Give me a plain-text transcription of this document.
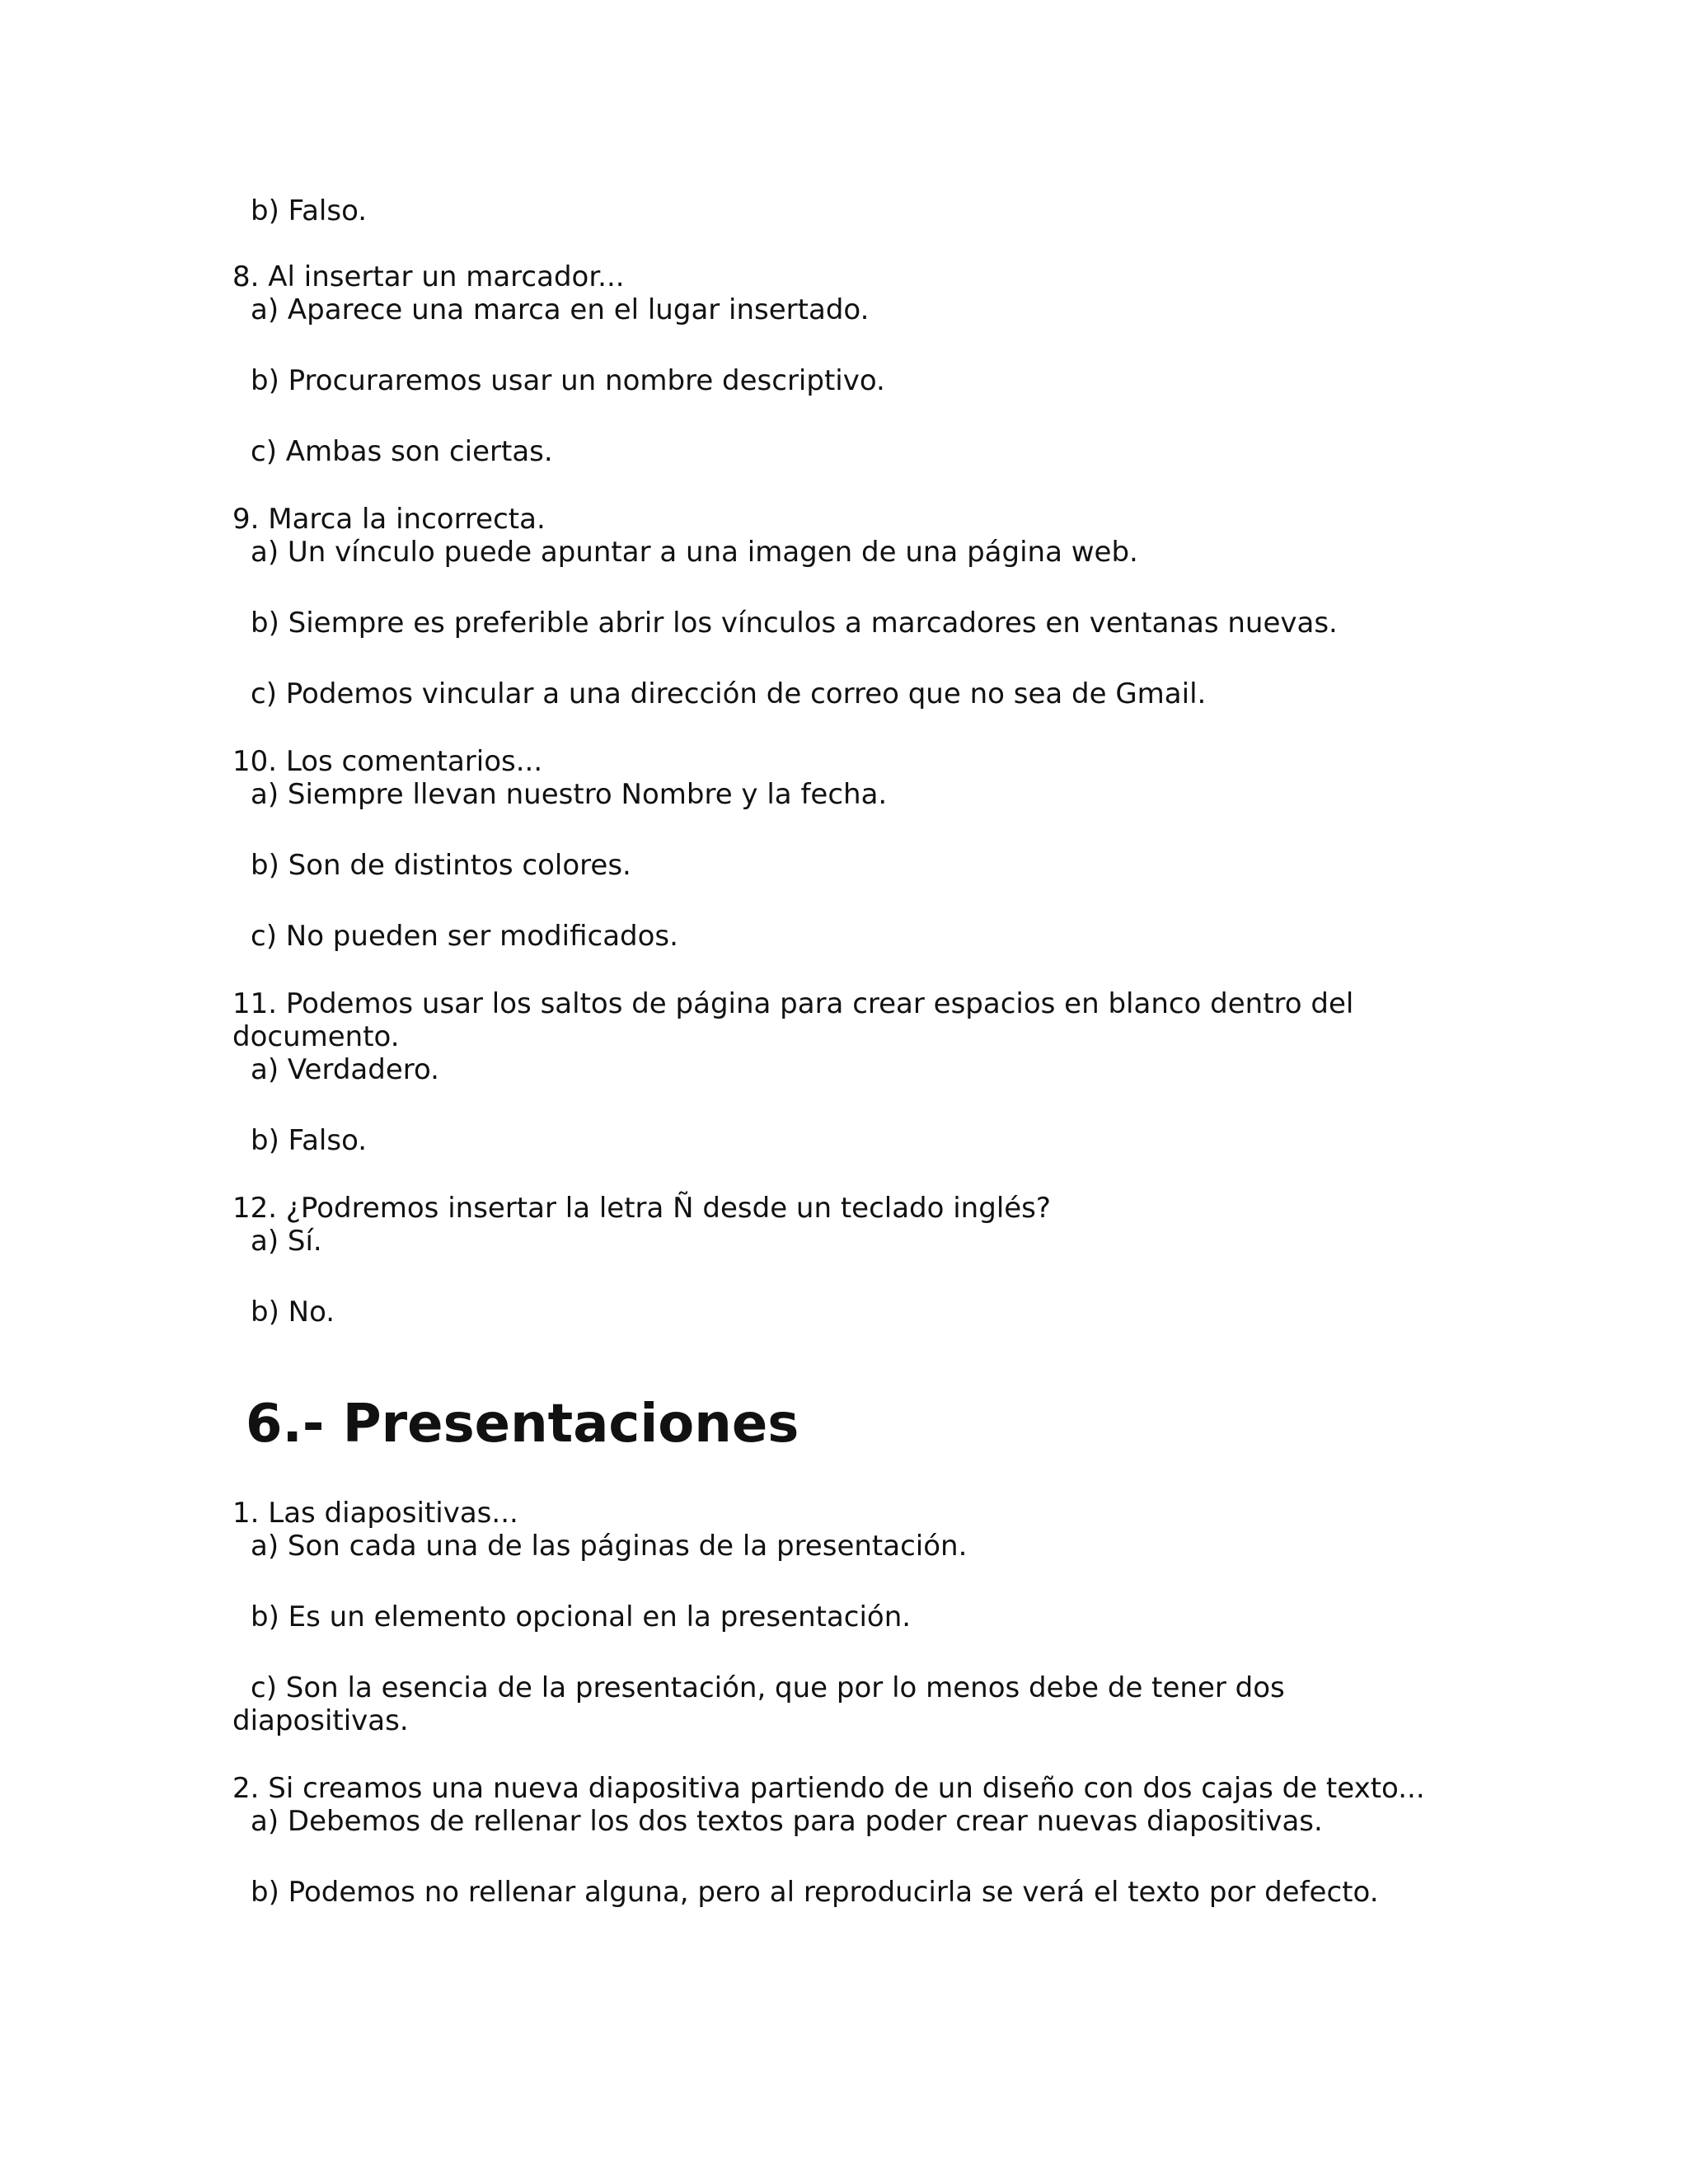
b) Falso.
8. Al insertar un marcador...
a) Aparece una marca en el lugar insertado.
b) Procuraremos usar un nombre descriptivo.
c) Ambas son ciertas.
9. Marca la incorrecta.
a) Un vínculo puede apuntar a una imagen de una página web.
b) Siempre es preferible abrir los vínculos a marcadores en ventanas nuevas.
c) Podemos vincular a una dirección de correo que no sea de Gmail.
10. Los comentarios...
a) Siempre llevan nuestro Nombre y la fecha.
b) Son de distintos colores.
c) No pueden ser modificados.
11. Podemos usar los saltos de página para crear espacios en blanco dentro del
documento.
a) Verdadero.
b) Falso.
12. ¿Podremos insertar la letra Ñ desde un teclado inglés?
a) Sí.
b) No.
6.- Presentaciones
1. Las diapositivas...
a) Son cada una de las páginas de la presentación.
b) Es un elemento opcional en la presentación.
c) Son la esencia de la presentación, que por lo menos debe de tener dos
diapositivas.
2. Si creamos una nueva diapositiva partiendo de un diseño con dos cajas de texto...
a) Debemos de rellenar los dos textos para poder crear nuevas diapositivas.
b) Podemos no rellenar alguna, pero al reproducirla se verá el texto por defecto.
